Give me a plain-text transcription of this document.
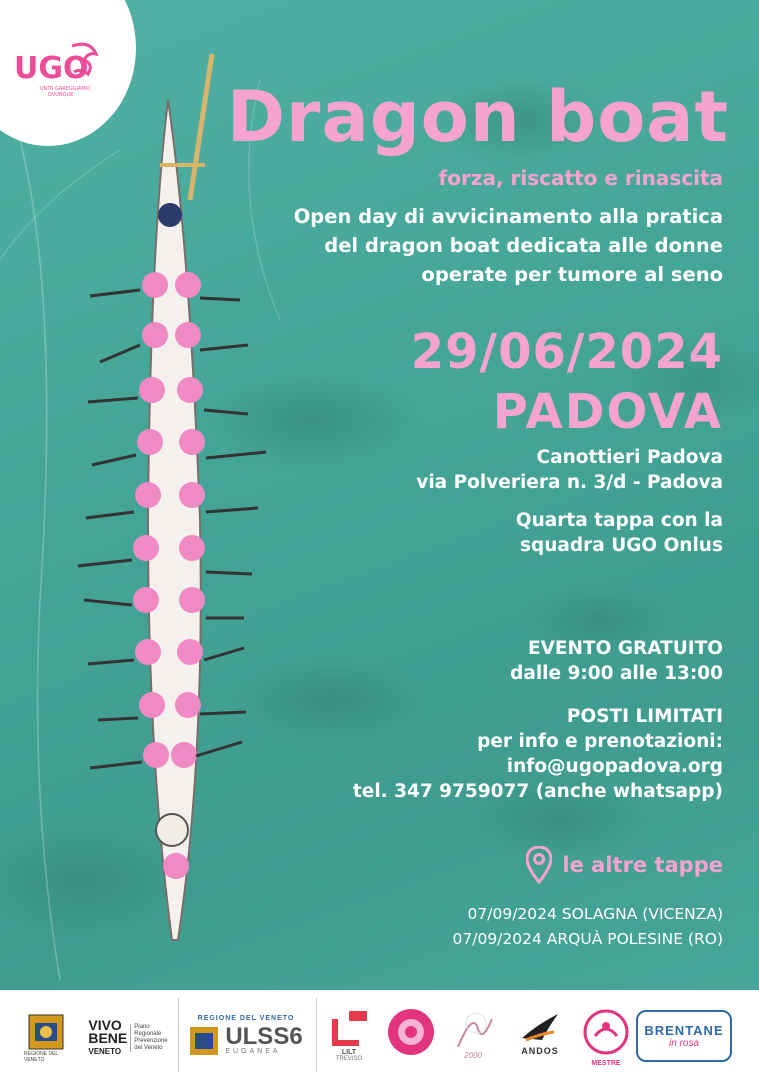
UGO
UNITI GAREGGIAMO
OVUNQUE Dragon boat
forza, riscatto e rinascita
Open day di avvicinamento alla pratica
del dragon boat dedicata alle donne
operate per tumore al seno
29/06/2024
PADOVA
Canottieri Padova
via Polveriera n. 3/d - Padova
Quarta tappa con la
squadra UGO Onlus
EVENTO GRATUITO
dalle 9:00 alle 13:00
POSTI LIMITATI
per info e prenotazioni:
info@ugopadova.org
tel. 347 9759077 (anche whatsapp)
le altre tappe
07/09/2024 SOLAGNA (VICENZA)
07/09/2024 ARQUÀ POLESINE (RO)
REGIONE DEL VENETO
VIVO
BENE
VENETO
Piano
Regionale
Prevenzione
del Veneto
REGIONE DEL VENETO
ULSS6
EUGANEA	LILT
TREVISO	2000	ANDOS
MESTRE
BRENTANE
in rosa
